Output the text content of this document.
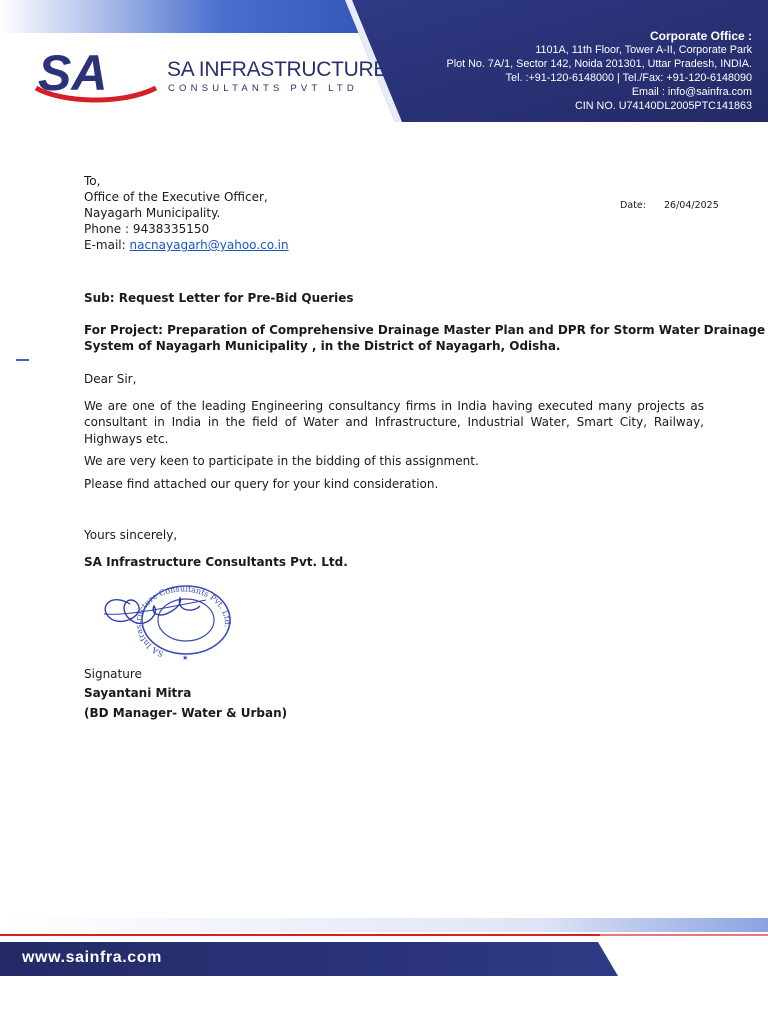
SA	SA INFRASTRUCTURE
CONSULTANTS PVT LTD
Corporate Office :
1101A, 11th Floor, Tower A-II, Corporate Park
Plot No. 7A/1, Sector 142, Noida 201301, Uttar Pradesh, INDIA.
Tel. :+91-120-6148000 | Tel./Fax: +91-120-6148090
Email : info@sainfra.com
CIN NO. U74140DL2005PTC141863
To,
Office of the Executive Officer,
Nayagarh Municipality.
Phone : 9438335150
E-mail: nacnayagarh@yahoo.co.in
Date: 26/04/2025
Sub: Request Letter for Pre-Bid Queries
For Project: Preparation of Comprehensive Drainage Master Plan and DPR for Storm Water Drainage
System of Nayagarh Municipality , in the District of Nayagarh, Odisha.
Dear Sir,
We are one of the leading Engineering consultancy firms in India having executed many projects as consultant in India in the field of Water and Infrastructure, Industrial Water, Smart City, Railway, Highways etc.
We are very keen to participate in the bidding of this assignment.
Please find attached our query for your kind consideration.
Yours sincerely,
SA Infrastructure Consultants Pvt. Ltd.
SA Infrastructure Consultants Pvt. Ltd.
★
Signature
Sayantani Mitra
(BD Manager- Water & Urban)
www.sainfra.com
